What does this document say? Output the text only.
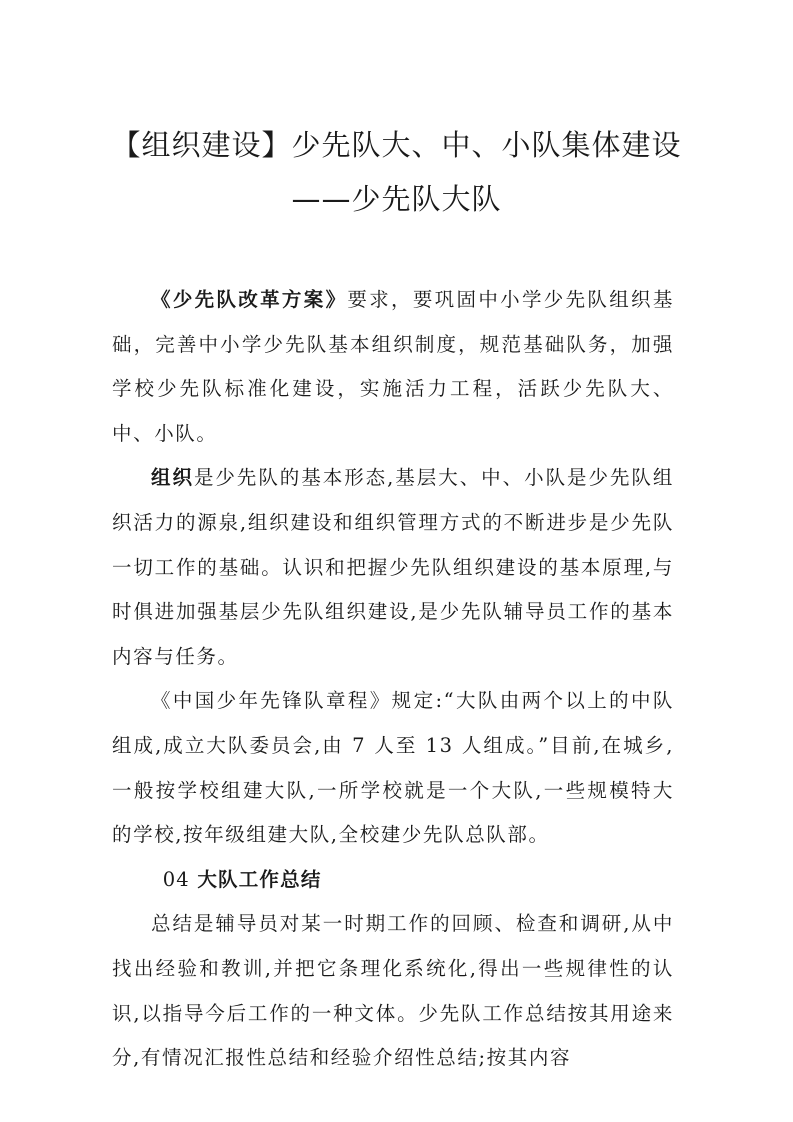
【组织建设】少先队大、中、小队集体建设
——少先队大队

《少先队改革方案》要求，要巩固中小学少先队组织基础，完善中小学少先队基本组织制度，规范基础队务，加强学校少先队标准化建设，实施活力工程，活跃少先队大、中、小队。

组织是少先队的基本形态,基层大、中、小队是少先队组织活力的源泉,组织建设和组织管理方式的不断进步是少先队一切工作的基础。认识和把握少先队组织建设的基本原理,与时俱进加强基层少先队组织建设,是少先队辅导员工作的基本内容与任务。

《中国少年先锋队章程》规定:“大队由两个以上的中队组成,成立大队委员会,由 7 人至 13 人组成。”目前,在城乡,一般按学校组建大队,一所学校就是一个大队,一些规模特大的学校,按年级组建大队,全校建少先队总队部。

04 大队工作总结

总结是辅导员对某一时期工作的回顾、检查和调研,从中找出经验和教训,并把它条理化系统化,得出一些规律性的认识,以指导今后工作的一种文体。少先队工作总结按其用途来分,有情况汇报性总结和经验介绍性总结;按其内容
